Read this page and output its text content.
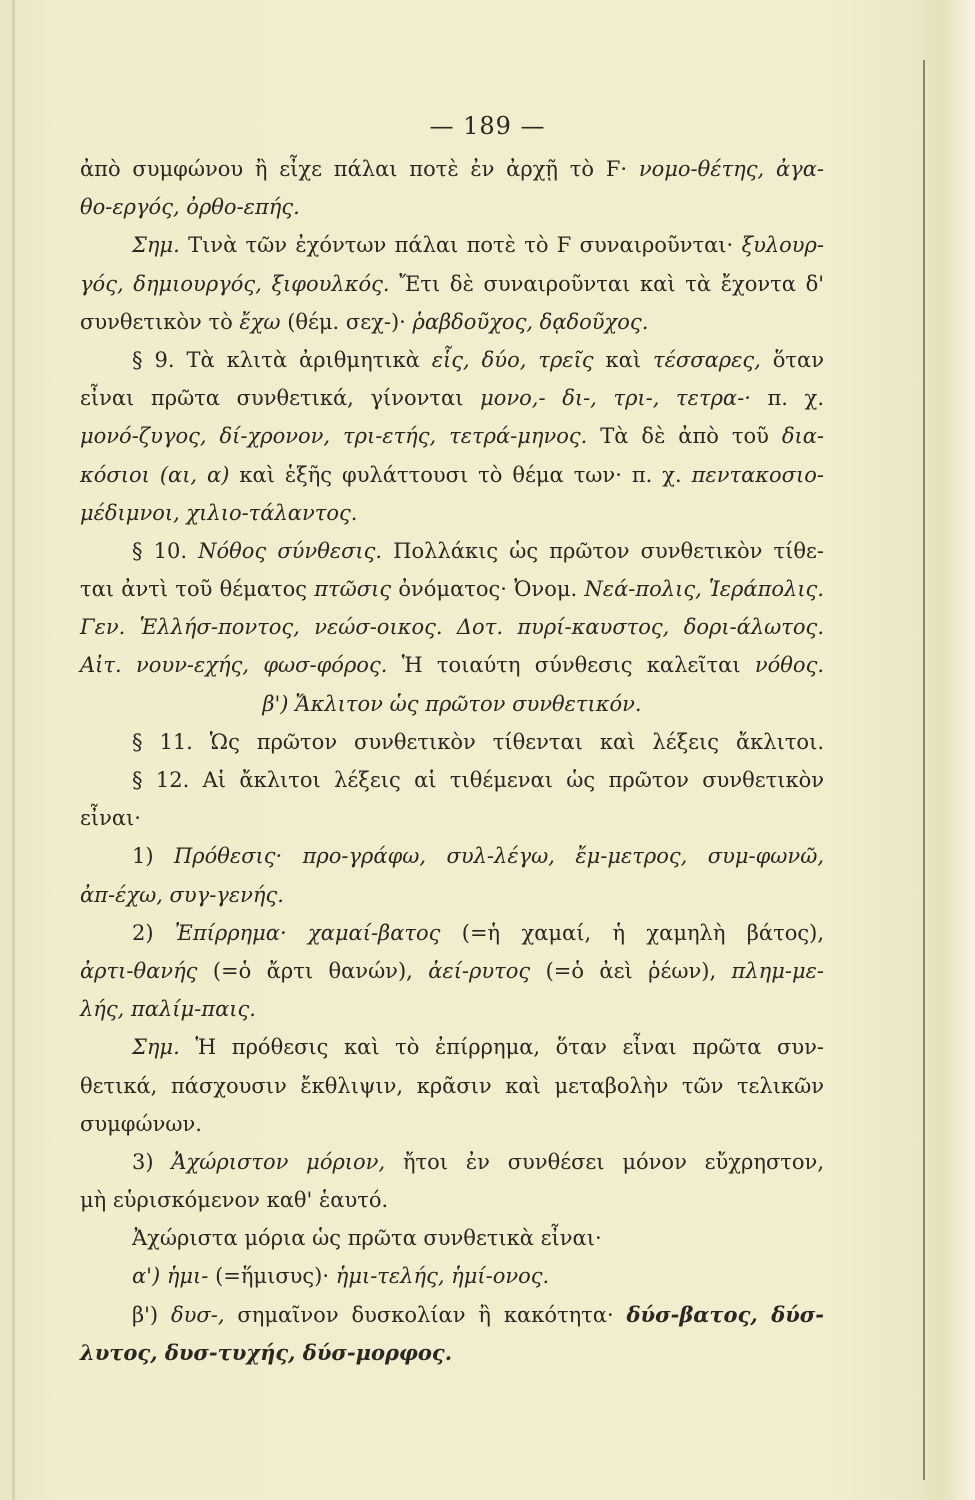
— 189 —
ἀπὸ συμφώνου ἢ εἶχε πάλαι ποτὲ ἐν ἀρχῇ τὸ Ϝ· νομο-θέτης, ἀγα-
θο-εργός, ὀρθο-επής.
Σημ. Τινὰ τῶν ἐχόντων πάλαι ποτὲ τὸ Ϝ συναιροῦνται· ξυλουρ-
γός, δημιουργός, ξιφουλκός. Ἔτι δὲ συναιροῦνται καὶ τὰ ἔχοντα δ'
συνθετικὸν τὸ ἔχω (θέμ. σεχ-)· ῥαβδοῦχος, δᾳδοῦχος.
§ 9. Τὰ κλιτὰ ἀριθμητικὰ εἷς, δύο, τρεῖς καὶ τέσσαρες, ὅταν
εἶναι πρῶτα συνθετικά, γίνονται μονο,- δι-, τρι-, τετρα-· π. χ.
μονό-ζυγος, δί-χρονον, τρι-ετής, τετρά-μηνος. Τὰ δὲ ἀπὸ τοῦ δια-
κόσιοι (αι, α) καὶ ἑξῆς φυλάττουσι τὸ θέμα των· π. χ. πεντακοσιο-
μέδιμνοι, χιλιο-τάλαντος.
§ 10. Νόθος σύνθεσις. Πολλάκις ὡς πρῶτον συνθετικὸν τίθε-
ται ἀντὶ τοῦ θέματος πτῶσις ὀνόματος· Ὀνομ. Νεά-πολις, Ἱεράπολις.
Γεν. Ἑλλήσ-ποντος, νεώσ-οικος. Δοτ. πυρί-καυστος, δορι-άλωτος.
Αἰτ. νουν-εχής, φωσ-φόρος. Ἡ τοιαύτη σύνθεσις καλεῖται νόθος.
β') Ἄκλιτον ὡς πρῶτον συνθετικόν.
§ 11. Ὡς πρῶτον συνθετικὸν τίθενται καὶ λέξεις ἄκλιτοι.
§ 12. Αἱ ἄκλιτοι λέξεις αἱ τιθέμεναι ὡς πρῶτον συνθετικὸν
εἶναι·
1) Πρόθεσις· προ-γράφω, συλ-λέγω, ἔμ-μετρος, συμ-φωνῶ,
ἀπ-έχω, συγ-γενής.
2) Ἐπίρρημα· χαμαί-βατος (=ἡ χαμαί, ἡ χαμηλὴ βάτος),
ἀρτι-θανής (=ὁ ἄρτι θανών), ἀεί-ρυτος (=ὁ ἀεὶ ῥέων), πλημ-με-
λής, παλίμ-παις.
Σημ. Ἡ πρόθεσις καὶ τὸ ἐπίρρημα, ὅταν εἶναι πρῶτα συν-
θετικά, πάσχουσιν ἔκθλιψιν, κρᾶσιν καὶ μεταβολὴν τῶν τελικῶν
συμφώνων.
3) Ἀχώριστον μόριον, ἤτοι ἐν συνθέσει μόνον εὔχρηστον,
μὴ εὑρισκόμενον καθ' ἑαυτό.
Ἀχώριστα μόρια ὡς πρῶτα συνθετικὰ εἶναι·
α') ἡμι- (=ἥμισυς)· ἡμι-τελής, ἡμί-ονος.
β') δυσ-, σημαῖνον δυσκολίαν ἢ κακότητα· δύσ-βατος, δύσ-
λυτος, δυσ-τυχής, δύσ-μορφος.
